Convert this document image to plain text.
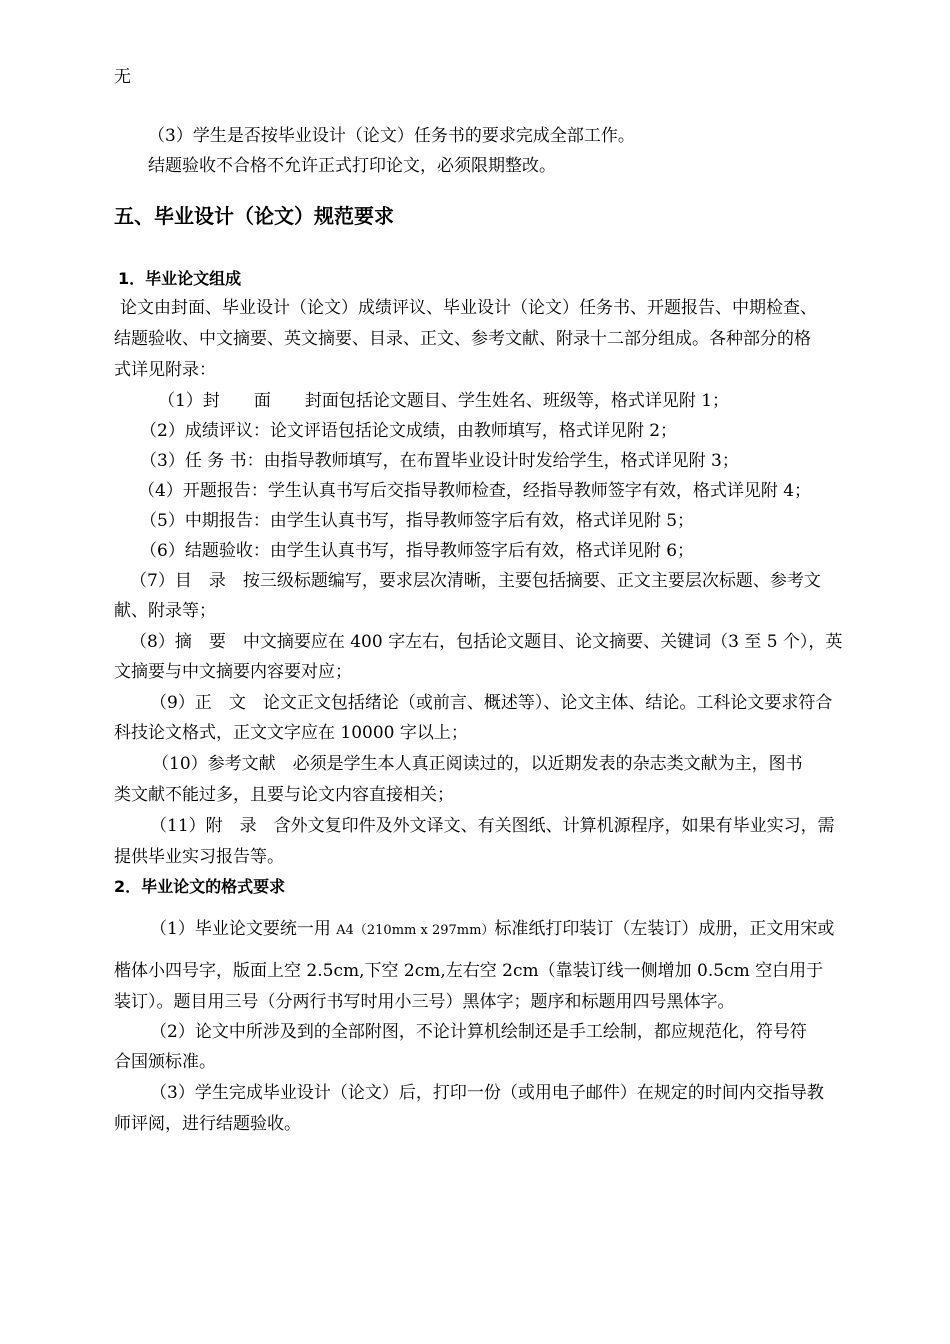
无
（3）学生是否按毕业设计（论文）任务书的要求完成全部工作。
结题验收不合格不允许正式打印论文，必须限期整改。
五、毕业设计（论文）规范要求
1．毕业论文组成
论文由封面、毕业设计（论文）成绩评议、毕业设计（论文）任务书、开题报告、中期检查、
结题验收、中文摘要、英文摘要、目录、正文、参考文献、附录十二部分组成。各种部分的格
式详见附录：
（1）封　　面　　封面包括论文题目、学生姓名、班级等，格式详见附 1；
（2）成绩评议：论文评语包括论文成绩，由教师填写，格式详见附 2；
（3）任 务 书：由指导教师填写，在布置毕业设计时发给学生，格式详见附 3；
（4）开题报告：学生认真书写后交指导教师检查，经指导教师签字有效，格式详见附 4；
（5）中期报告：由学生认真书写，指导教师签字后有效，格式详见附 5；
（6）结题验收：由学生认真书写，指导教师签字后有效，格式详见附 6；
（7）目　录　按三级标题编写，要求层次清晰，主要包括摘要、正文主要层次标题、参考文
献、附录等；
（8）摘　要　中文摘要应在 400 字左右，包括论文题目、论文摘要、关键词（3 至 5 个），英
文摘要与中文摘要内容要对应；
（9）正　文　论文正文包括绪论（或前言、概述等）、论文主体、结论。工科论文要求符合
科技论文格式，正文文字应在 10000 字以上；
（10）参考文献　必须是学生本人真正阅读过的，以近期发表的杂志类文献为主，图书
类文献不能过多，且要与论文内容直接相关；
（11）附　录　含外文复印件及外文译文、有关图纸、计算机源程序，如果有毕业实习，需
提供毕业实习报告等。
2．毕业论文的格式要求
（1）毕业论文要统一用 A4（210mm x 297mm）标准纸打印装订（左装订）成册，正文用宋或
楷体小四号字，版面上空 2.5cm,下空 2cm,左右空 2cm（靠装订线一侧增加 0.5cm 空白用于
装订）。题目用三号（分两行书写时用小三号）黑体字；题序和标题用四号黑体字。
（2）论文中所涉及到的全部附图，不论计算机绘制还是手工绘制，都应规范化，符号符
合国颁标准。
（3）学生完成毕业设计（论文）后，打印一份（或用电子邮件）在规定的时间内交指导教
师评阅，进行结题验收。
